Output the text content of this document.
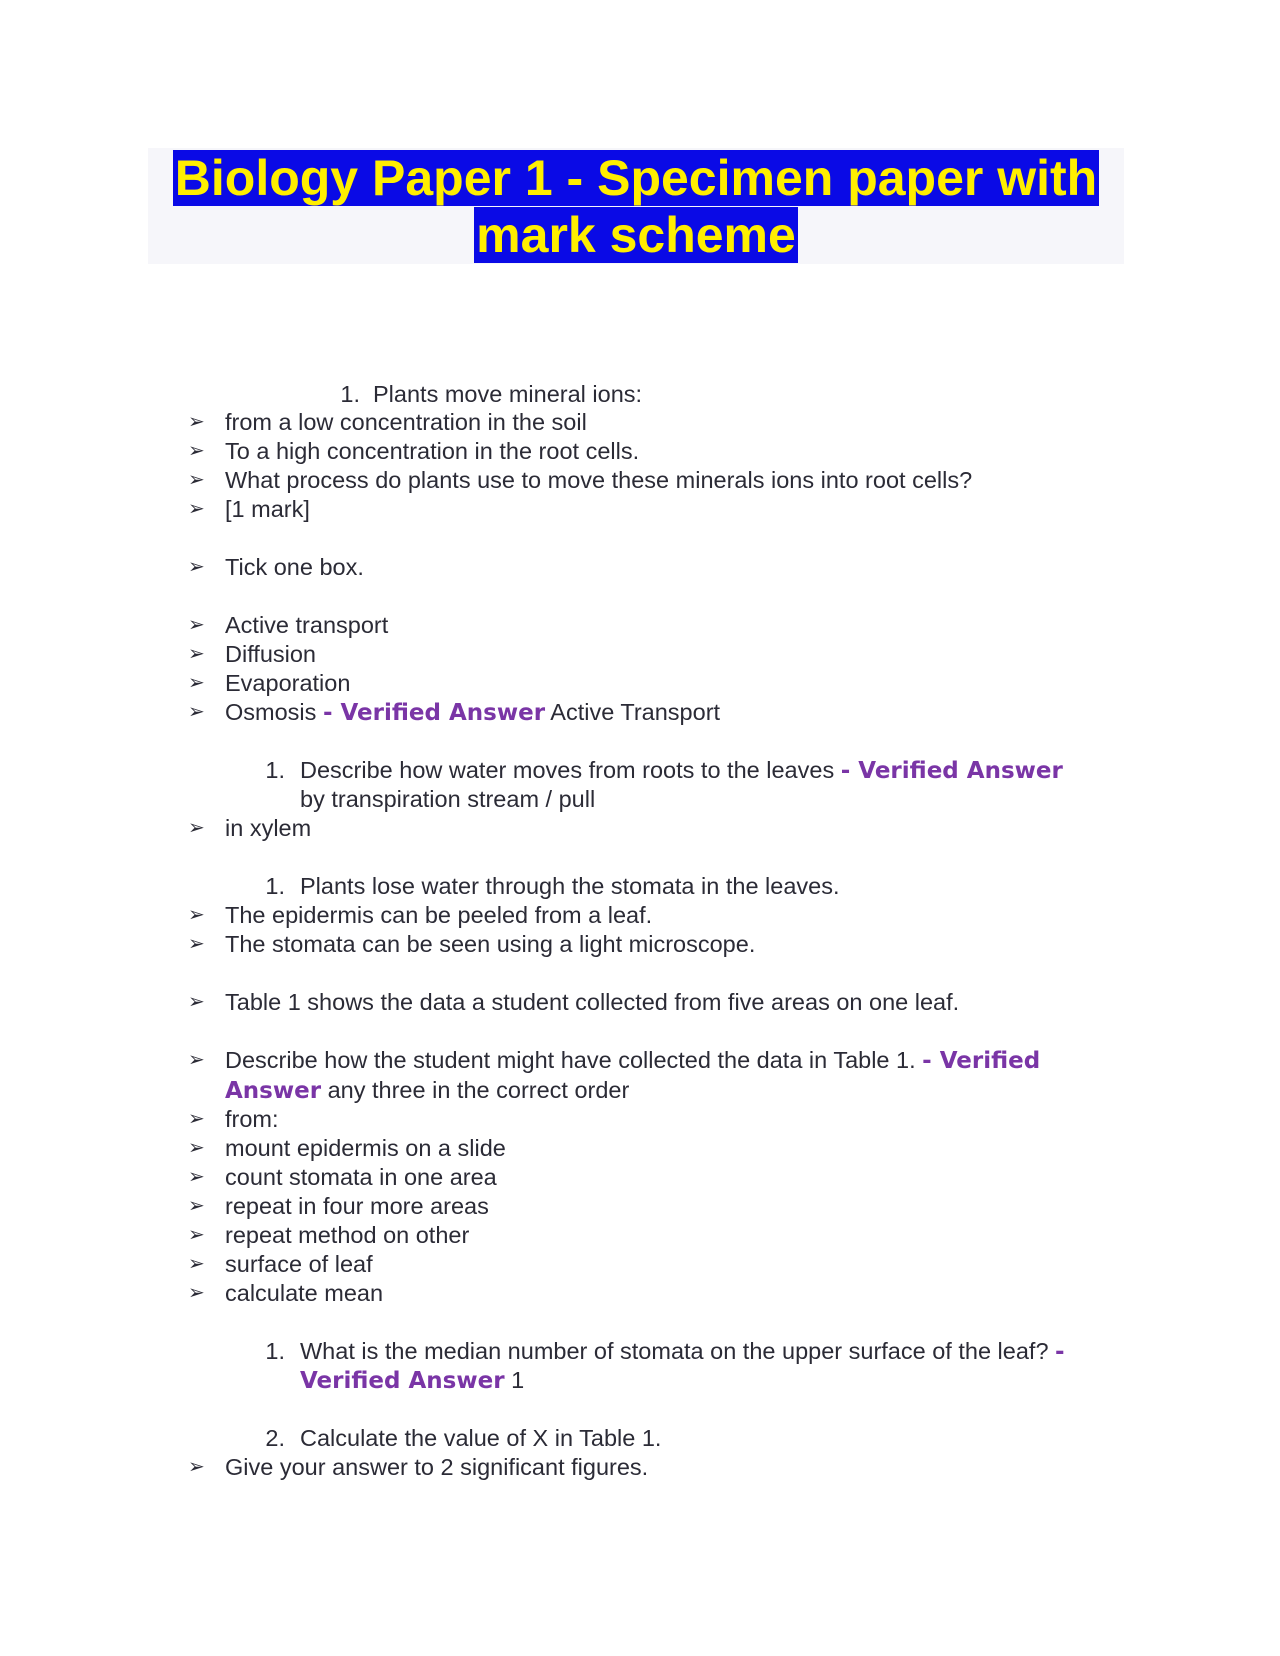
Biology Paper 1 - Specimen paper with
mark scheme
1. Plants move mineral ions:
➢ from a low concentration in the soil
➢ To a high concentration in the root cells.
➢ What process do plants use to move these minerals ions into root cells?
➢ [1 mark]
➢ Tick one box.
➢ Active transport
➢ Diffusion
➢ Evaporation
➢ Osmosis - Verified Answer Active Transport
1. Describe how water moves from roots to the leaves - Verified Answer
by transpiration stream / pull
➢ in xylem
1. Plants lose water through the stomata in the leaves.
➢ The epidermis can be peeled from a leaf.
➢ The stomata can be seen using a light microscope.
➢ Table 1 shows the data a student collected from five areas on one leaf.
➢ Describe how the student might have collected the data in Table 1. - Verified
Answer any three in the correct order
➢ from:
➢ mount epidermis on a slide
➢ count stomata in one area
➢ repeat in four more areas
➢ repeat method on other
➢ surface of leaf
➢ calculate mean
1. What is the median number of stomata on the upper surface of the leaf? -
Verified Answer 1
2. Calculate the value of X in Table 1.
➢ Give your answer to 2 significant figures.
